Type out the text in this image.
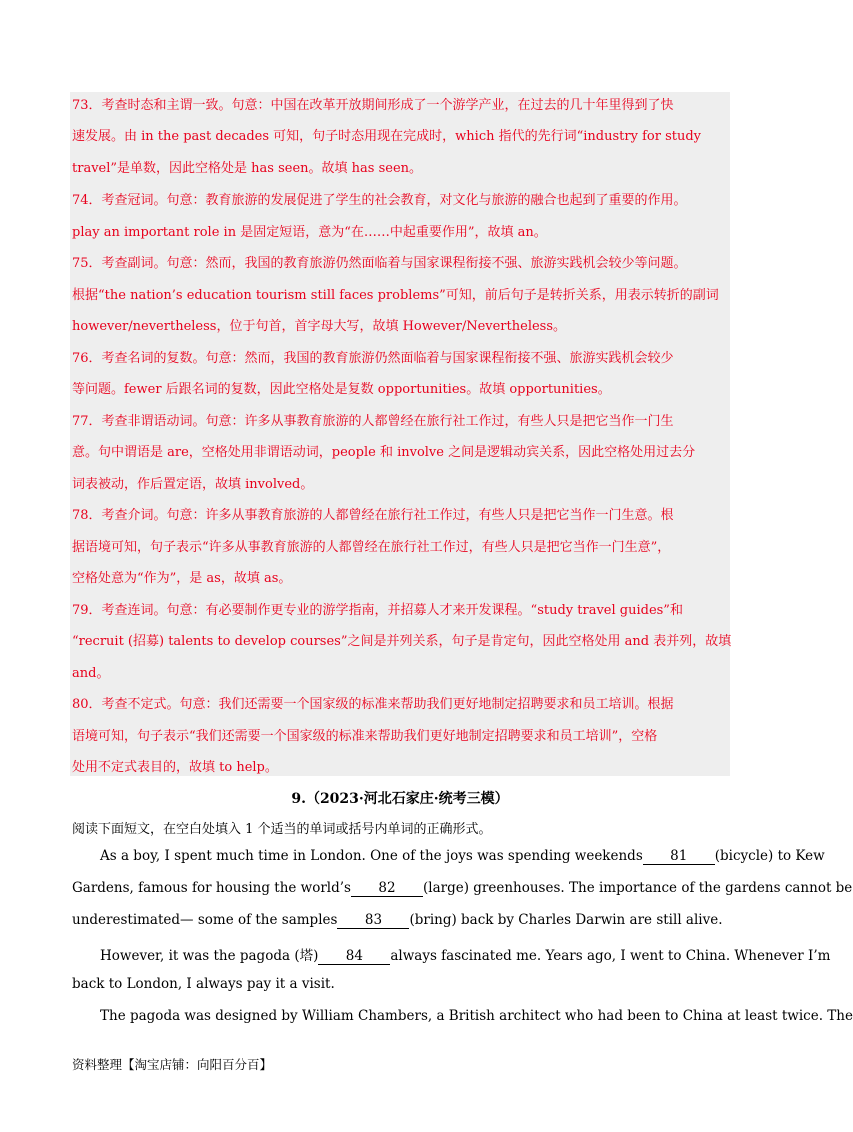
73．考查时态和主谓一致。句意：中国在改革开放期间形成了一个游学产业，在过去的几十年里得到了快
速发展。由 in the past decades 可知，句子时态用现在完成时，which 指代的先行词“industry for study
travel”是单数，因此空格处是 has seen。故填 has seen。
74．考查冠词。句意：教育旅游的发展促进了学生的社会教育，对文化与旅游的融合也起到了重要的作用。
play an important role in 是固定短语，意为“在……中起重要作用”，故填 an。
75．考查副词。句意：然而，我国的教育旅游仍然面临着与国家课程衔接不强、旅游实践机会较少等问题。
根据“the nation’s education tourism still faces problems”可知，前后句子是转折关系，用表示转折的副词
however/nevertheless，位于句首，首字母大写，故填 However/Nevertheless。
76．考查名词的复数。句意：然而，我国的教育旅游仍然面临着与国家课程衔接不强、旅游实践机会较少
等问题。fewer 后跟名词的复数，因此空格处是复数 opportunities。故填 opportunities。
77．考查非谓语动词。句意：许多从事教育旅游的人都曾经在旅行社工作过，有些人只是把它当作一门生
意。句中谓语是 are，空格处用非谓语动词，people 和 involve 之间是逻辑动宾关系，因此空格处用过去分
词表被动，作后置定语，故填 involved。
78．考查介词。句意：许多从事教育旅游的人都曾经在旅行社工作过，有些人只是把它当作一门生意。根
据语境可知，句子表示“许多从事教育旅游的人都曾经在旅行社工作过，有些人只是把它当作一门生意”，
空格处意为“作为”，是 as，故填 as。
79．考查连词。句意：有必要制作更专业的游学指南，并招募人才来开发课程。“study travel guides”和
“recruit (招募) talents to develop courses”之间是并列关系，句子是肯定句，因此空格处用 and 表并列，故填
and。
80．考查不定式。句意：我们还需要一个国家级的标准来帮助我们更好地制定招聘要求和员工培训。根据
语境可知，句子表示“我们还需要一个国家级的标准来帮助我们更好地制定招聘要求和员工培训”，空格
处用不定式表目的，故填 to help。
9.（2023·河北石家庄·统考三模）
阅读下面短文，在空白处填入 1 个适当的单词或括号内单词的正确形式。
As a boy, I spent much time in London. One of the joys was spending weekends 81 (bicycle) to Kew
Gardens, famous for housing the world’s 82 (large) greenhouses. The importance of the gardens cannot be
underestimated— some of the samples 83 (bring) back by Charles Darwin are still alive.
However, it was the pagoda (塔) 84 always fascinated me. Years ago, I went to China. Whenever I’m
back to London, I always pay it a visit.
The pagoda was designed by William Chambers, a British architect who had been to China at least twice. The
资料整理【淘宝店铺：向阳百分百】
